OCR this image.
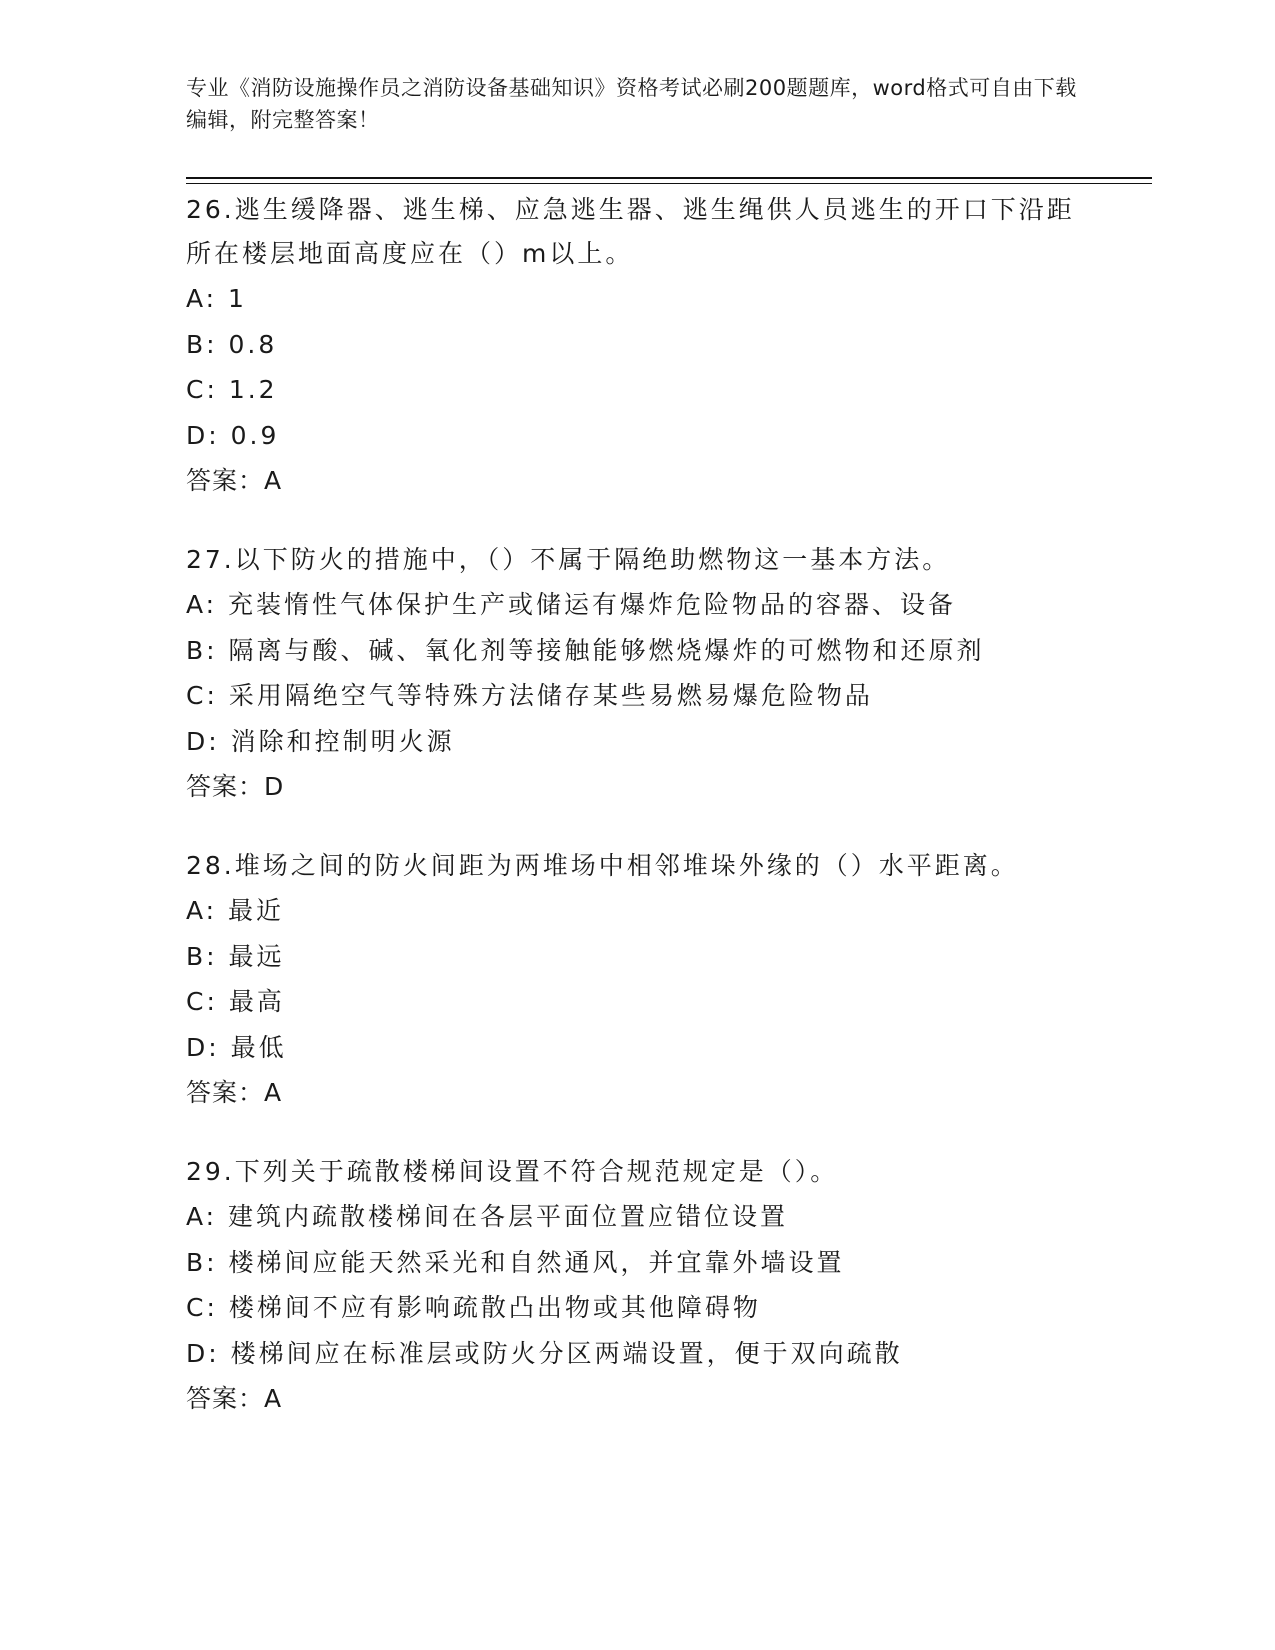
专业《消防设施操作员之消防设备基础知识》资格考试必刷200题题库，word格式可自由下载编辑，附完整答案！

26.逃生缓降器、逃生梯、应急逃生器、逃生绳供人员逃生的开口下沿距所在楼层地面高度应在（）m以上。

A: 1

B: 0.8

C: 1.2

D: 0.9

答案：A

27.以下防火的措施中，（）不属于隔绝助燃物这一基本方法。

A: 充装惰性气体保护生产或储运有爆炸危险物品的容器、设备

B: 隔离与酸、碱、氧化剂等接触能够燃烧爆炸的可燃物和还原剂

C: 采用隔绝空气等特殊方法储存某些易燃易爆危险物品

D: 消除和控制明火源

答案：D

28.堆场之间的防火间距为两堆场中相邻堆垛外缘的（）水平距离。

A: 最近

B: 最远

C: 最高

D: 最低

答案：A

29.下列关于疏散楼梯间设置不符合规范规定是（）。

A: 建筑内疏散楼梯间在各层平面位置应错位设置

B: 楼梯间应能天然采光和自然通风，并宜靠外墙设置

C: 楼梯间不应有影响疏散凸出物或其他障碍物

D: 楼梯间应在标准层或防火分区两端设置，便于双向疏散

答案：A
